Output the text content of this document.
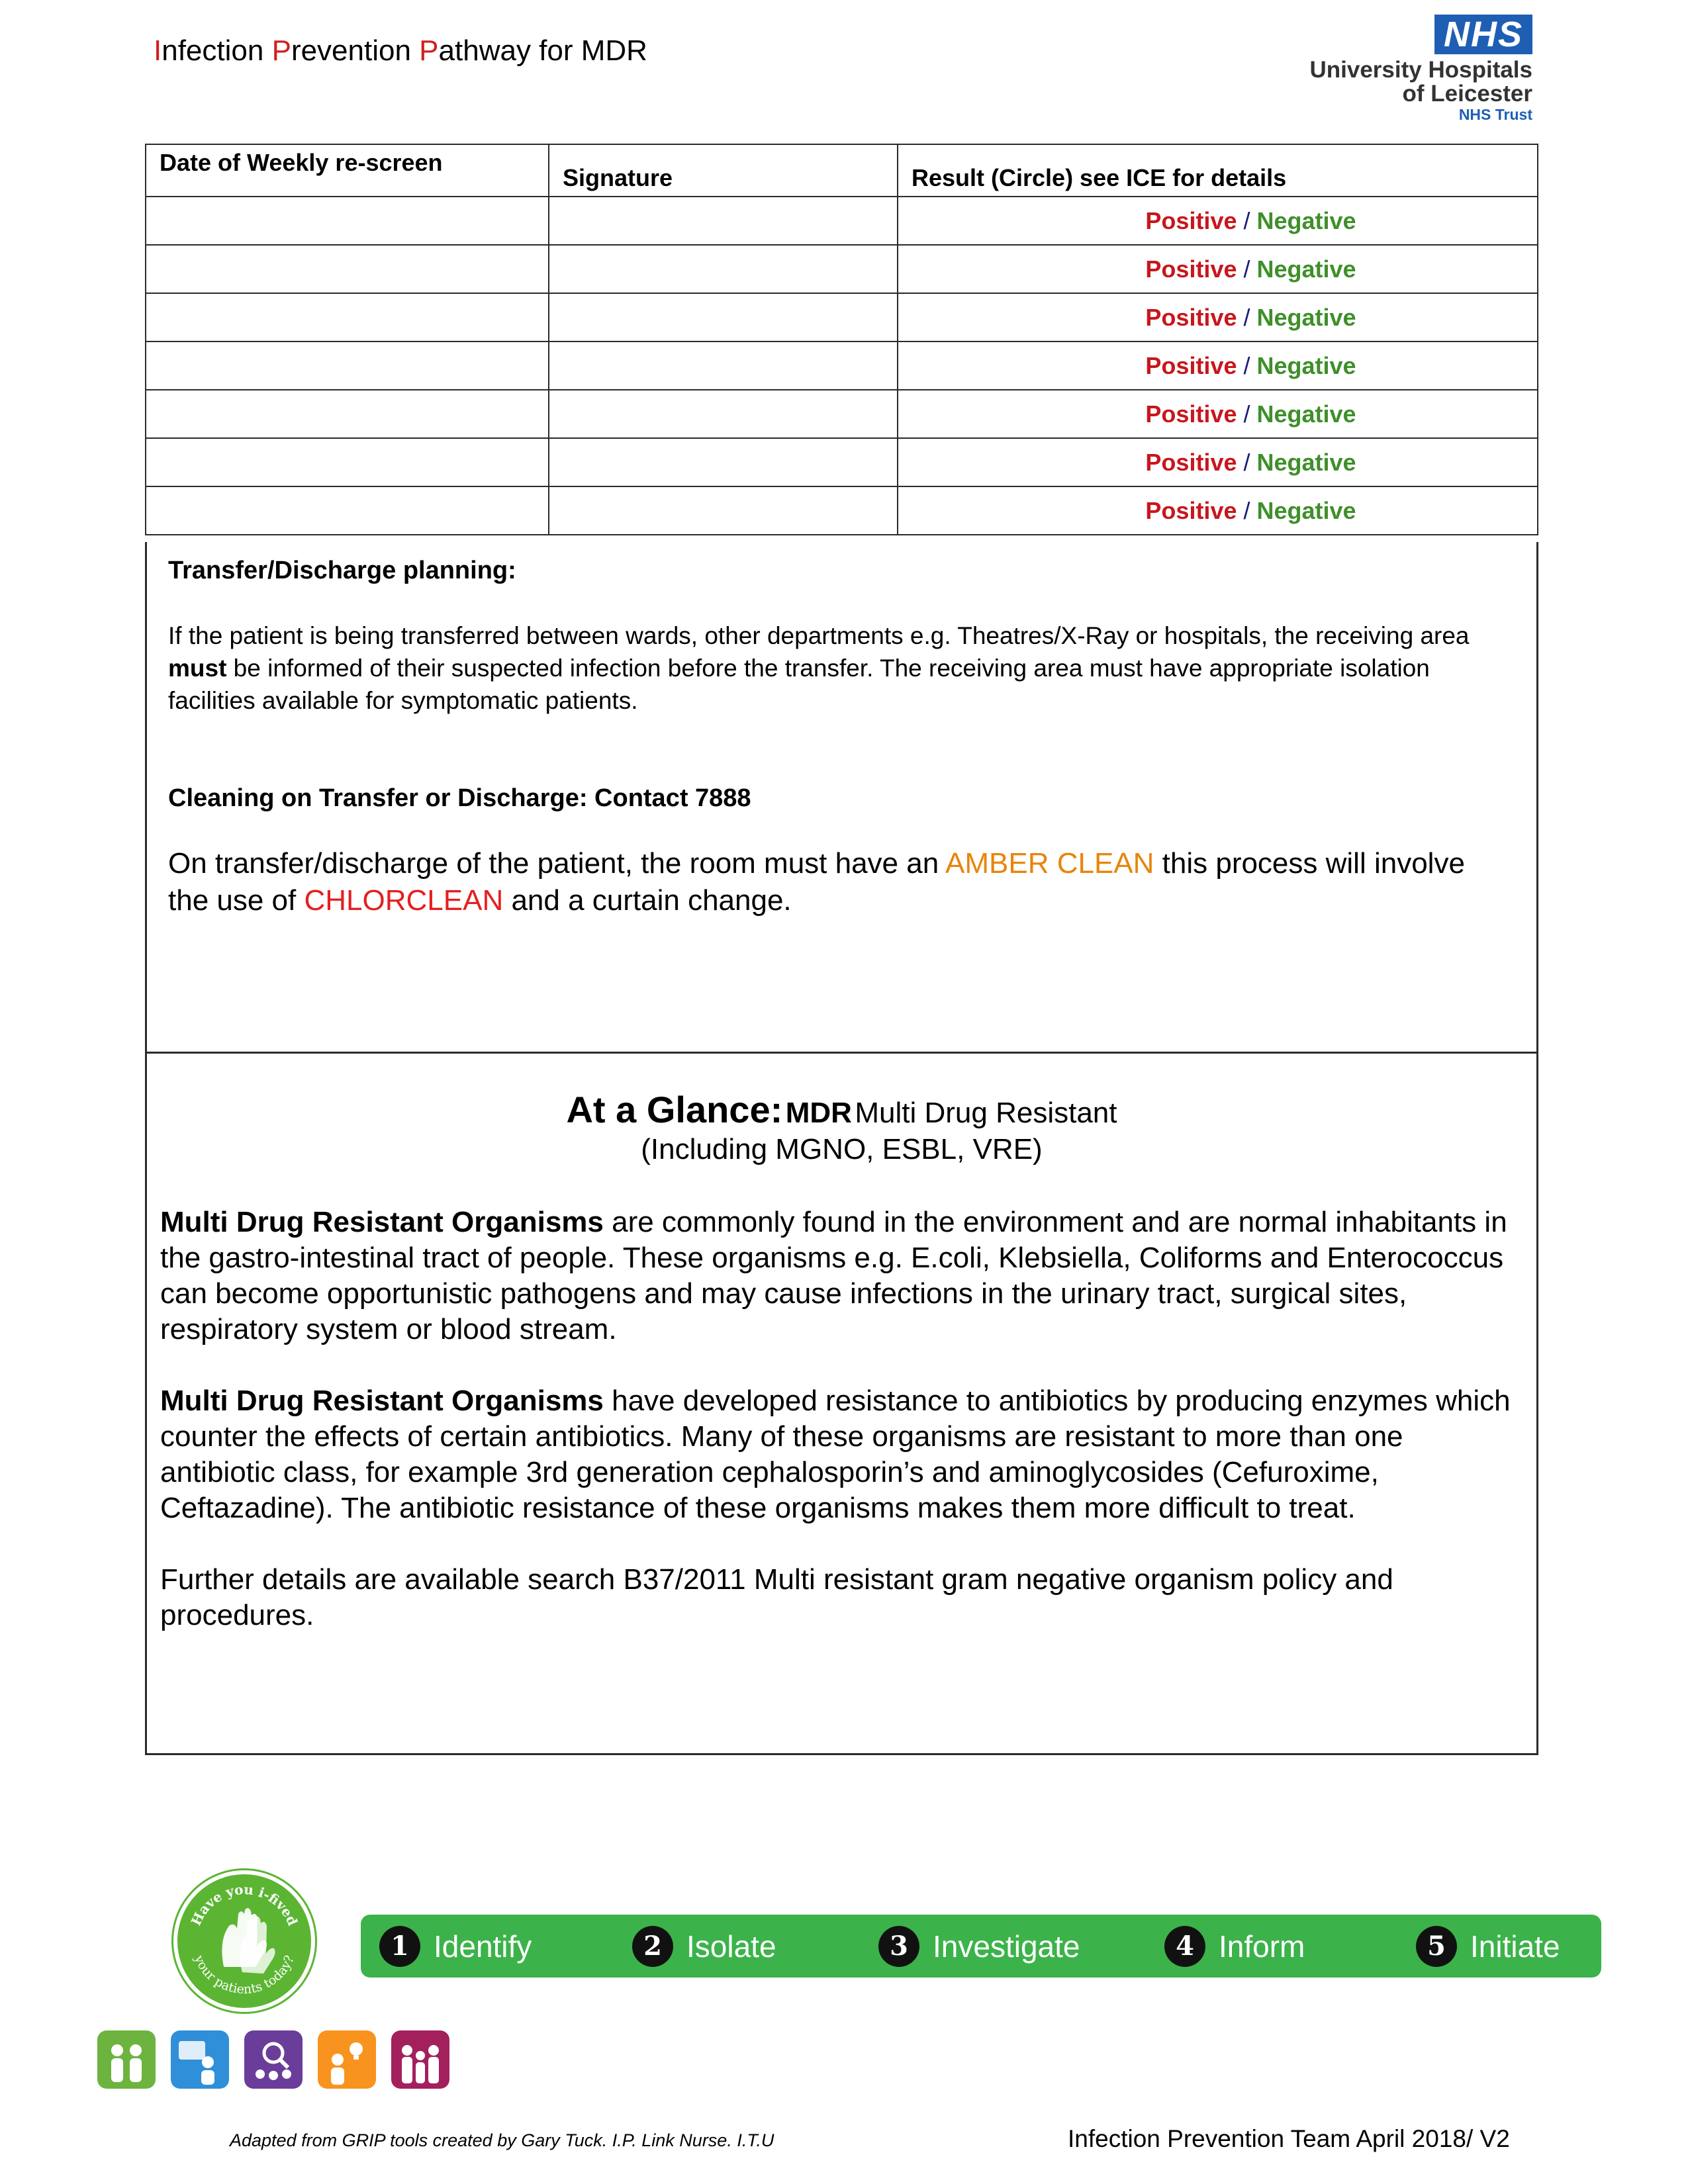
Infection Prevention Pathway for MDR	NHS
University Hospitals
of Leicester
NHS Trust
Date of Weekly re-screen	Signature	Result (Circle) see ICE for details
		Positive / Negative
		Positive / Negative
		Positive / Negative
		Positive / Negative
		Positive / Negative
		Positive / Negative
		Positive / Negative
Transfer/Discharge planning:
If the patient is being transferred between wards, other departments e.g. Theatres/X-Ray or hospitals, the receiving area must be informed of their suspected infection before the transfer. The receiving area must have appropriate isolation facilities available for symptomatic patients.
Cleaning on Transfer or Discharge: Contact 7888
On transfer/discharge of the patient, the room must have an AMBER CLEAN this process will involve the use of CHLORCLEAN and a curtain change.
At a Glance: MDR Multi Drug Resistant
(Including MGNO, ESBL, VRE)
Multi Drug Resistant Organisms are commonly found in the environment and are normal inhabitants in the gastro-intestinal tract of people. These organisms e.g. E.coli, Klebsiella, Coliforms and Enterococcus can become opportunistic pathogens and may cause infections in the urinary tract, surgical sites, respiratory system or blood stream.
Multi Drug Resistant Organisms have developed resistance to antibiotics by producing enzymes which counter the effects of certain antibiotics. Many of these organisms are resistant to more than one antibiotic class, for example 3rd generation cephalosporin’s and aminoglycosides (Cefuroxime, Ceftazadine). The antibiotic resistance of these organisms makes them more difficult to treat.
Further details are available search B37/2011 Multi resistant gram negative organism policy and procedures.
Have you i-fived
your patients today?	1 Identify	2 Isolate	3 Investigate	4 Inform	5 Initiate
Adapted from GRIP tools created by Gary Tuck. I.P. Link Nurse. I.T.U	Infection Prevention Team April 2018/ V2
